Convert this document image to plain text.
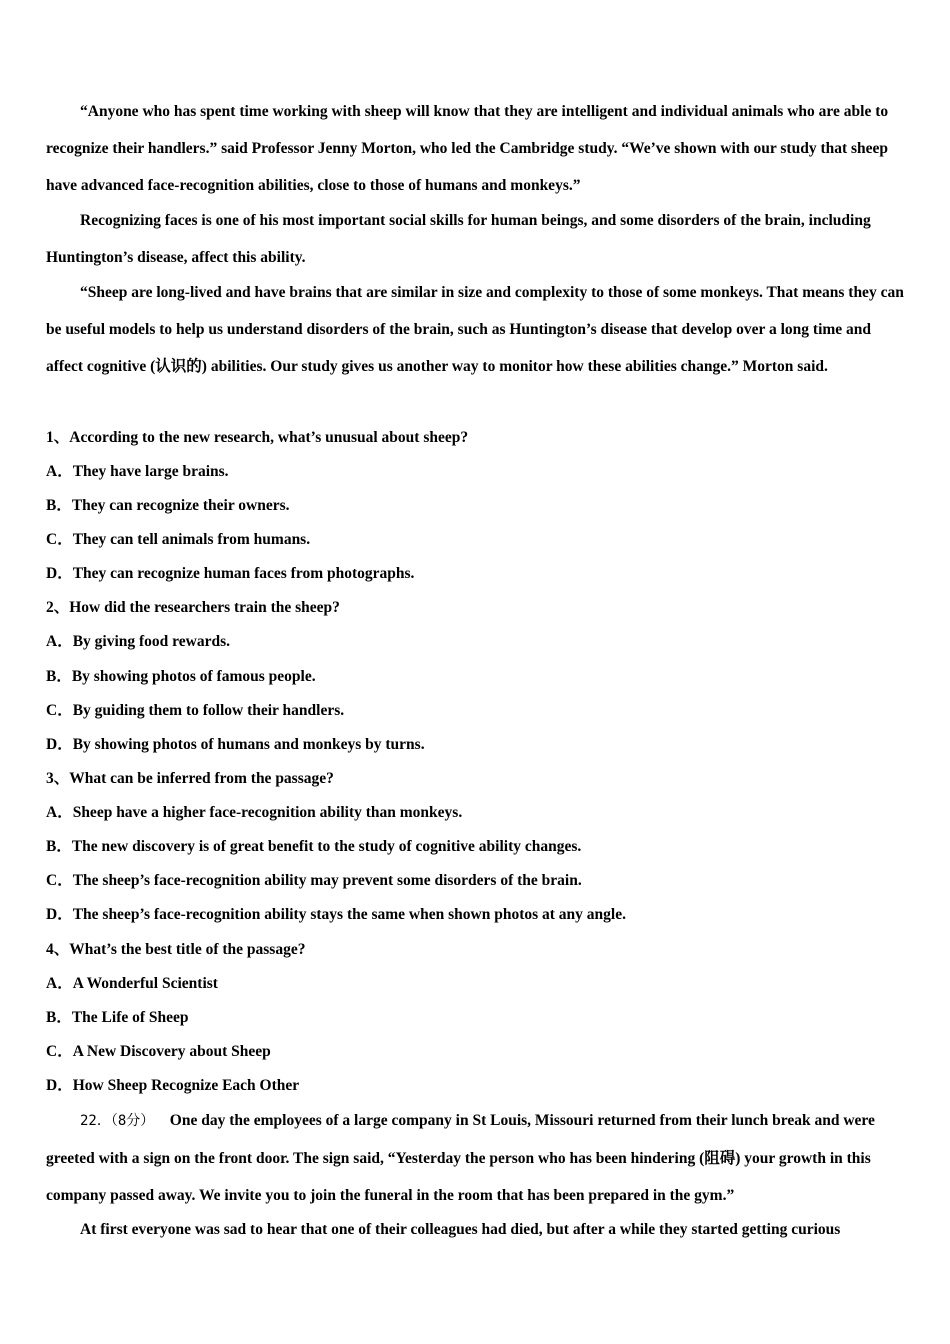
“Anyone who has spent time working with sheep will know that they are intelligent and individual animals who are able to recognize their handlers.” said Professor Jenny Morton, who led the Cambridge study. “We’ve shown with our study that sheep have advanced face-recognition abilities, close to those of humans and monkeys.”

Recognizing faces is one of his most important social skills for human beings, and some disorders of the brain, including Huntington’s disease, affect this ability.

“Sheep are long-lived and have brains that are similar in size and complexity to those of some monkeys. That means they can be useful models to help us understand disorders of the brain, such as Huntington’s disease that develop over a long time and affect cognitive (认识的) abilities. Our study gives us another way to monitor how these abilities change.” Morton said.

1、According to the new research, what’s unusual about sheep?
A．They have large brains.
B．They can recognize their owners.
C．They can tell animals from humans.
D．They can recognize human faces from photographs.
2、How did the researchers train the sheep?
A．By giving food rewards.
B．By showing photos of famous people.
C．By guiding them to follow their handlers.
D．By showing photos of humans and monkeys by turns.
3、What can be inferred from the passage?
A．Sheep have a higher face-recognition ability than monkeys.
B．The new discovery is of great benefit to the study of cognitive ability changes.
C．The sheep’s face-recognition ability may prevent some disorders of the brain.
D．The sheep’s face-recognition ability stays the same when shown photos at any angle.
4、What’s the best title of the passage?
A．A Wonderful Scientist
B．The Life of Sheep
C．A New Discovery about Sheep
D．How Sheep Recognize Each Other

22．（8分） One day the employees of a large company in St Louis, Missouri returned from their lunch break and were greeted with a sign on the front door. The sign said, “Yesterday the person who has been hindering (阻碍) your growth in this company passed away. We invite you to join the funeral in the room that has been prepared in the gym.”

At first everyone was sad to hear that one of their colleagues had died, but after a while they started getting curious
